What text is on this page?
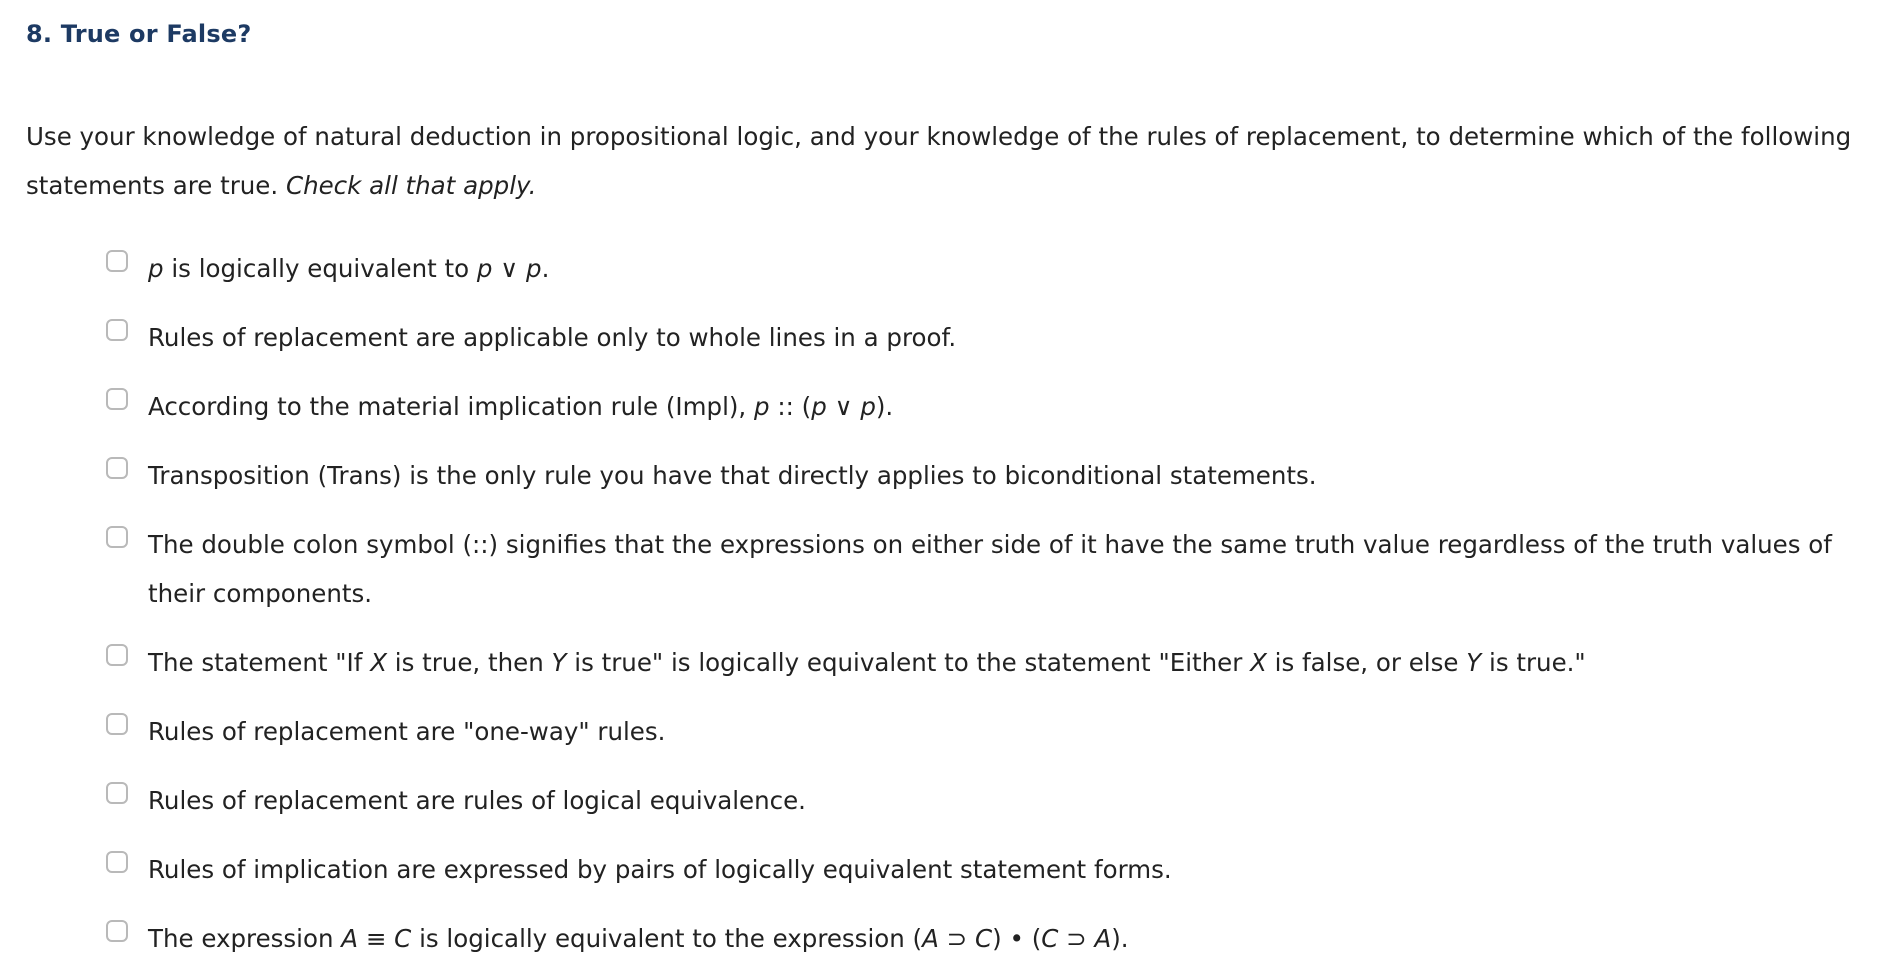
8. True or False?
Use your knowledge of natural deduction in propositional logic, and your knowledge of the rules of replacement, to determine which of the following statements are true. Check all that apply.
p is logically equivalent to p ∨ p.
Rules of replacement are applicable only to whole lines in a proof.
According to the material implication rule (Impl), p :: (p ∨ p).
Transposition (Trans) is the only rule you have that directly applies to biconditional statements.
The double colon symbol (::) signifies that the expressions on either side of it have the same truth value regardless of the truth values of their components.
The statement "If X is true, then Y is true" is logically equivalent to the statement "Either X is false, or else Y is true."
Rules of replacement are "one-way" rules.
Rules of replacement are rules of logical equivalence.
Rules of implication are expressed by pairs of logically equivalent statement forms.
The expression A ≡ C is logically equivalent to the expression (A ⊃ C) • (C ⊃ A).
